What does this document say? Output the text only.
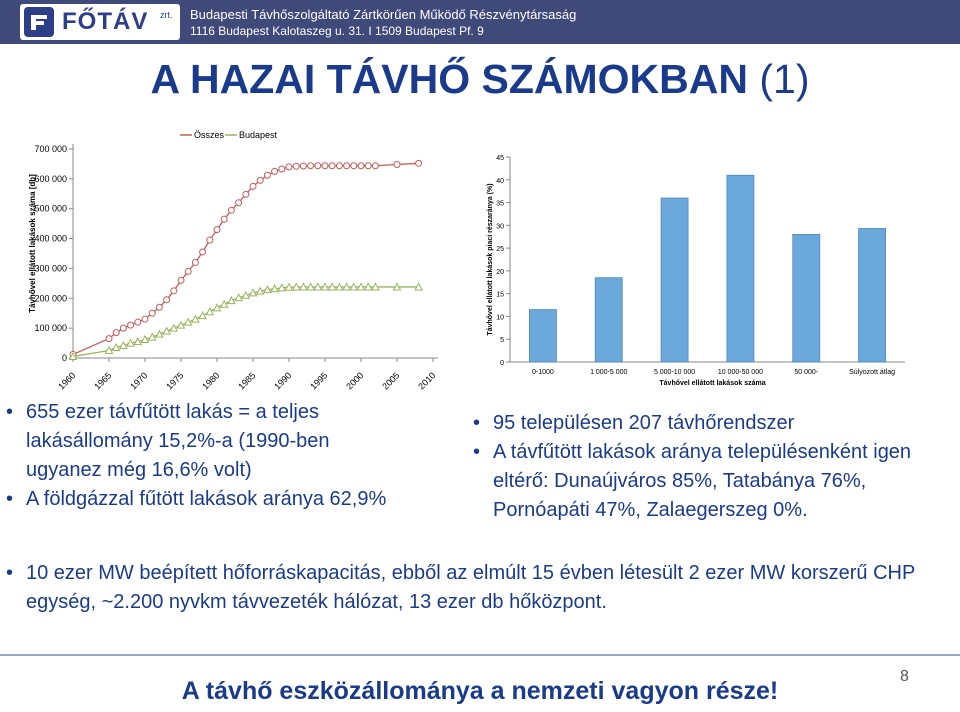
FŐTÁV zrt. Budapesti Távhőszolgáltató Zártkörűen Működő Részvénytársaság
1116 Budapest Kalotaszeg u. 31. I 1509 Budapest Pf. 9
A HAZAI TÁVHŐ SZÁMOKBAN (1)
0
100 000
200 000
300 000
400 000
500 000
600 000
700 000
1960 1965 1970 1975 1980 1985 1990 1995 2000 2005 2010
Távhővel ellátott lakások száma [db]
Összes Budapest
0
5
10
15
20
25
30
35
40
45
0-1000	1 000-5 000	5 000-10 000	10 000-50 000	50 000-	Súlyozott átlag
Távhővel ellátott lakások száma
Távhővel ellátott lakások piaci részaránya (%)
• 655 ezer távfűtött lakás = a teljes lakásállomány 15,2%-a (1990-ben ugyanez még 16,6% volt)
• A földgázzal fűtött lakások aránya 62,9%
• 95 településen 207 távhőrendszer
• A távfűtött lakások aránya településenként igen eltérő: Dunaújváros 85%, Tatabánya 76%, Pornóapáti 47%, Zalaegerszeg 0%.
• 10 ezer MW beépített hőforráskapacitás, ebből az elmúlt 15 évben létesült 2 ezer MW korszerű CHP egység, ~2.200 nyvkm távvezeték hálózat, 13 ezer db hőközpont.
A távhő eszközállománya a nemzeti vagyon része!
8
